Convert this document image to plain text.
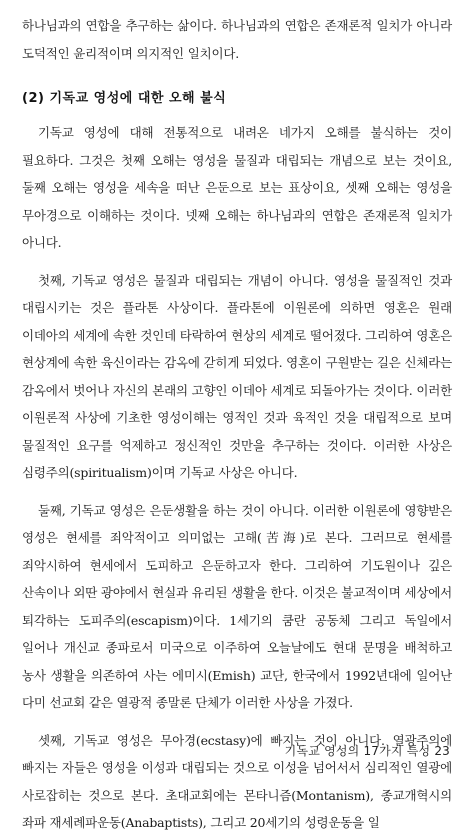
하나님과의 연합을 추구하는 삶이다. 하나님과의 연합은 존재론적 일치가 아니라 도덕적인 윤리적이며 의지적인 일치이다.

(2) 기독교 영성에 대한 오해 불식

기독교 영성에 대해 전통적으로 내려온 네가지 오해를 불식하는 것이 필요하다. 그것은 첫째 오해는 영성을 물질과 대립되는 개념으로 보는 것이요, 둘째 오해는 영성을 세속을 떠난 은둔으로 보는 표상이요, 셋째 오해는 영성을 무아경으로 이해하는 것이다. 넷째 오해는 하나님과의 연합은 존재론적 일치가 아니다.

첫째, 기독교 영성은 물질과 대립되는 개념이 아니다. 영성을 물질적인 것과 대립시키는 것은 플라톤 사상이다. 플라톤에 이원론에 의하면 영혼은 원래 이데아의 세계에 속한 것인데 타락하여 현상의 세계로 떨어졌다. 그리하여 영혼은 현상계에 속한 육신이라는 감옥에 갇히게 되었다. 영혼이 구원받는 길은 신체라는 감옥에서 벗어나 자신의 본래의 고향인 이데아 세계로 되돌아가는 것이다. 이러한 이원론적 사상에 기초한 영성이해는 영적인 것과 육적인 것을 대립적으로 보며 물질적인 요구를 억제하고 정신적인 것만을 추구하는 것이다. 이러한 사상은 심령주의(spiritualism)이며 기독교 사상은 아니다.

둘째, 기독교 영성은 은둔생활을 하는 것이 아니다. 이러한 이원론에 영향받은 영성은 현세를 죄악적이고 의미없는 고해(苦海)로 본다. 그러므로 현세를 죄악시하여 현세에서 도피하고 은둔하고자 한다. 그리하여 기도원이나 깊은 산속이나 외딴 광야에서 현실과 유리된 생활을 한다. 이것은 불교적이며 세상에서 퇴각하는 도피주의(escapism)이다. 1세기의 쿰란 공동체 그리고 독일에서 일어나 개신교 종파로서 미국으로 이주하여 오늘날에도 현대 문명을 배척하고 농사 생활을 의존하여 사는 에미시(Emish) 교단, 한국에서 1992년대에 일어난 다미 선교회 같은 열광적 종말론 단체가 이러한 사상을 가졌다.

셋째, 기독교 영성은 무아경(ecstasy)에 빠지는 것이 아니다. 열광주의에 빠지는 자들은 영성을 이성과 대립되는 것으로 이성을 넘어서서 심리적인 열광에 사로잡히는 것으로 본다. 초대교회에는 몬타니즘(Montanism), 종교개혁시의 좌파 재세례파운동(Anabaptists), 그리고 20세기의 성령운동을 일

기독교 영성의 17가지 특성 23
